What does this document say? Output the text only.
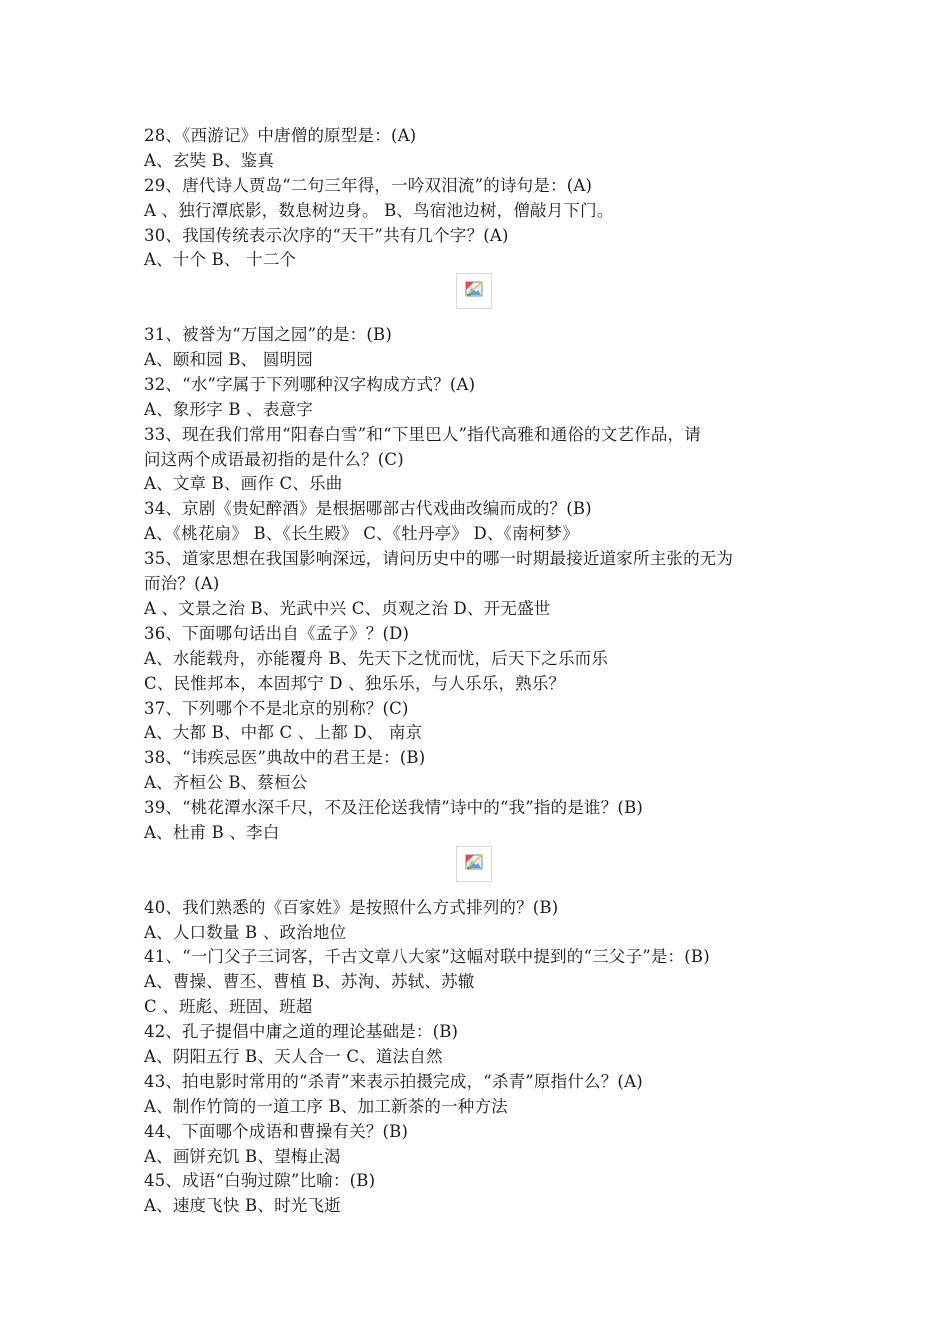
28、《西游记》中唐僧的原型是：(A)
A、玄奘 B、鉴真
29、唐代诗人贾岛“二句三年得，一吟双泪流”的诗句是：(A)
A 、独行潭底影，数息树边身。 B、鸟宿池边树，僧敲月下门。
30、我国传统表示次序的“天干”共有几个字？(A)
A、十个 B、 十二个
31、被誉为“万国之园”的是：(B)
A、颐和园 B、 圆明园
32、“水”字属于下列哪种汉字构成方式？(A)
A、象形字 B 、表意字
33、现在我们常用“阳春白雪”和“下里巴人”指代高雅和通俗的文艺作品，请
问这两个成语最初指的是什么？(C)
A、文章 B、画作 C、乐曲
34、京剧《贵妃醉酒》是根据哪部古代戏曲改编而成的？(B)
A、《桃花扇》 B、《长生殿》 C、《牡丹亭》 D、《南柯梦》
35、道家思想在我国影响深远，请问历史中的哪一时期最接近道家所主张的无为
而治？(A)
A 、文景之治 B、光武中兴 C、贞观之治 D、开无盛世
36、下面哪句话出自《孟子》？(D)
A、水能载舟，亦能覆舟 B、先天下之忧而忧，后天下之乐而乐
C、民惟邦本，本固邦宁 D 、独乐乐，与人乐乐，熟乐？
37、下列哪个不是北京的别称？(C)
A、大都 B、中都 C 、上都 D、 南京
38、“讳疾忌医”典故中的君王是：(B)
A、齐桓公 B、蔡桓公
39、“桃花潭水深千尺，不及汪伦送我情”诗中的“我”指的是谁？(B)
A、杜甫 B 、李白
40、我们熟悉的《百家姓》是按照什么方式排列的？(B)
A、人口数量 B 、政治地位
41、“一门父子三词客，千古文章八大家”这幅对联中提到的“三父子”是：(B)
A、曹操、曹丕、曹植 B、苏洵、苏轼、苏辙
C 、班彪、班固、班超
42、孔子提倡中庸之道的理论基础是：(B)
A、阴阳五行 B、天人合一 C、道法自然
43、拍电影时常用的“杀青”来表示拍摄完成，“杀青”原指什么？(A)
A、制作竹筒的一道工序 B、加工新茶的一种方法
44、下面哪个成语和曹操有关？(B)
A、画饼充饥 B、望梅止渴
45、成语“白驹过隙”比喻：(B)
A、速度飞快 B、时光飞逝
